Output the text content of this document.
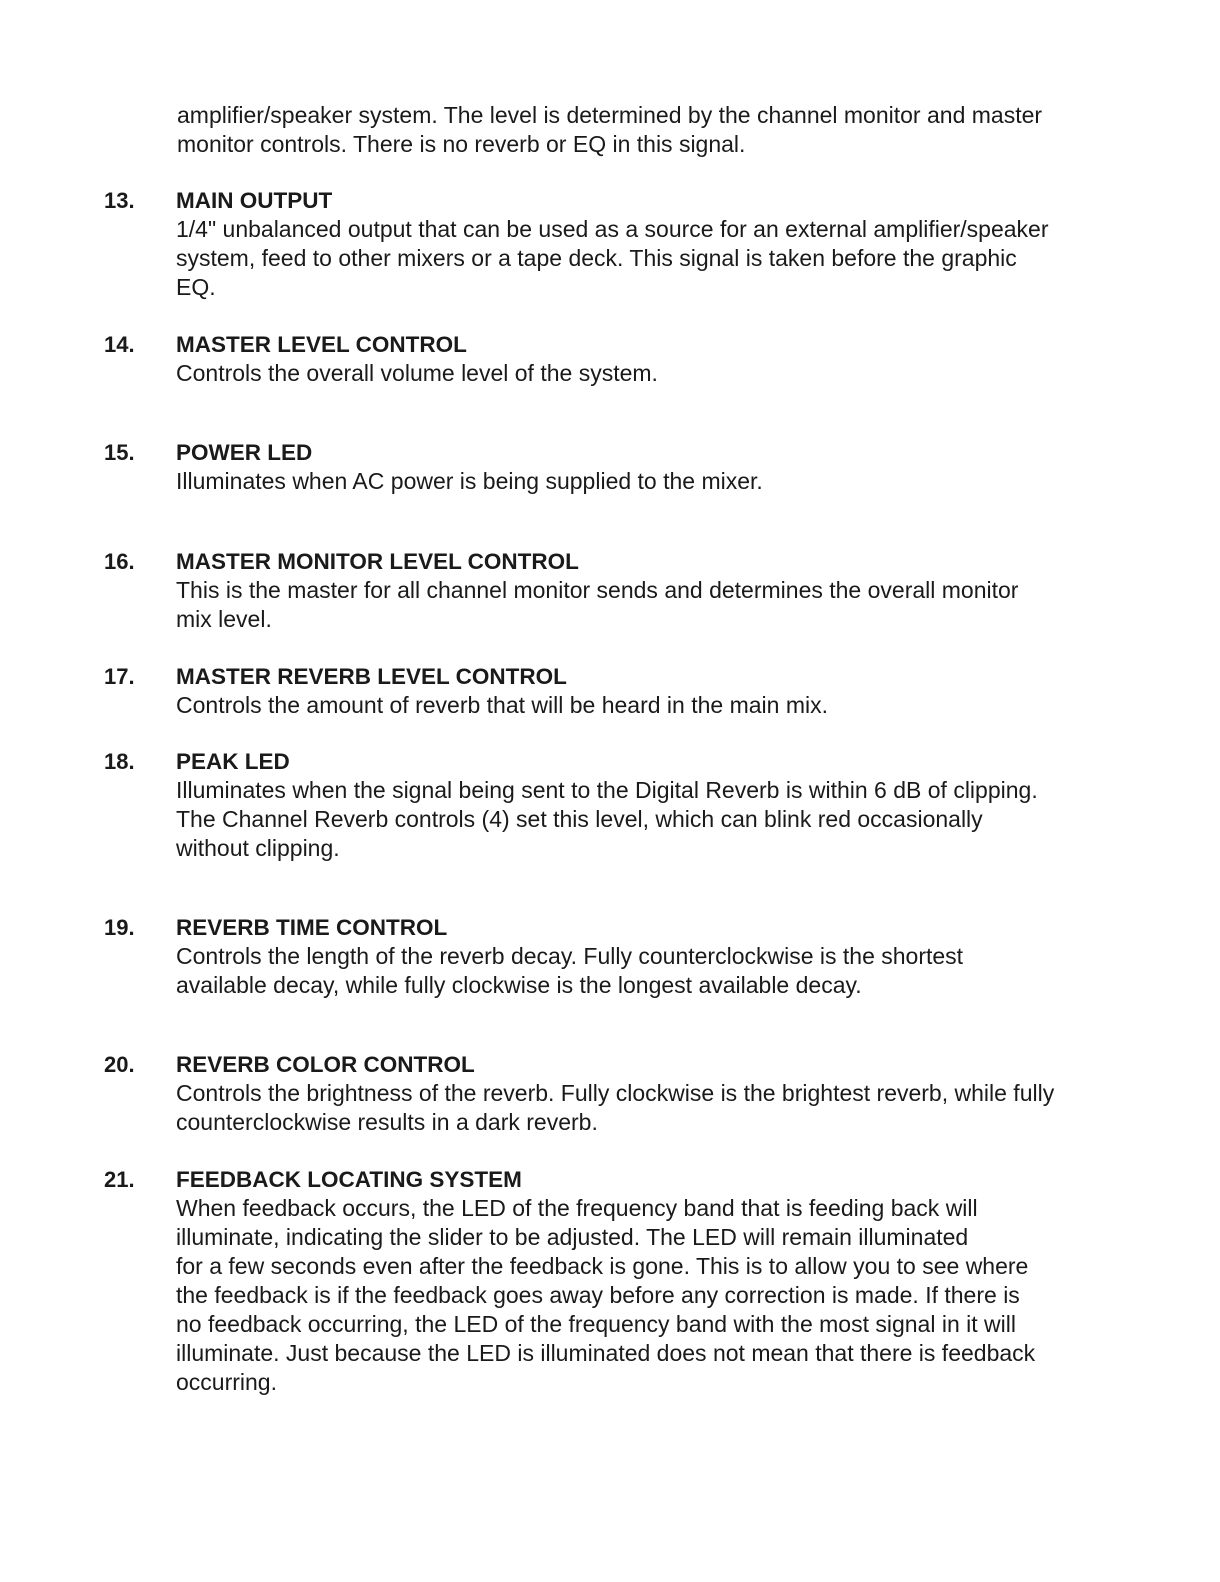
amplifier/speaker system. The level is determined by the channel monitor and master
monitor controls. There is no reverb or EQ in this signal.
13. MAIN OUTPUT
1/4" unbalanced output that can be used as a source for an external amplifier/speaker
system, feed to other mixers or a tape deck. This signal is taken before the graphic
EQ.
14. MASTER LEVEL CONTROL
Controls the overall volume level of the system.
15. POWER LED
Illuminates when AC power is being supplied to the mixer.
16. MASTER MONITOR LEVEL CONTROL
This is the master for all channel monitor sends and determines the overall monitor
mix level.
17. MASTER REVERB LEVEL CONTROL
Controls the amount of reverb that will be heard in the main mix.
18. PEAK LED
Illuminates when the signal being sent to the Digital Reverb is within 6 dB of clipping.
The Channel Reverb controls (4) set this level, which can blink red occasionally
without clipping.
19. REVERB TIME CONTROL
Controls the length of the reverb decay. Fully counterclockwise is the shortest
available decay, while fully clockwise is the longest available decay.
20. REVERB COLOR CONTROL
Controls the brightness of the reverb. Fully clockwise is the brightest reverb, while fully
counterclockwise results in a dark reverb.
21. FEEDBACK LOCATING SYSTEM
When feedback occurs, the LED of the frequency band that is feeding back will
illuminate, indicating the slider to be adjusted. The LED will remain illuminated
for a few seconds even after the feedback is gone. This is to allow you to see where
the feedback is if the feedback goes away before any correction is made. If there is
no feedback occurring, the LED of the frequency band with the most signal in it will
illuminate. Just because the LED is illuminated does not mean that there is feedback
occurring.
